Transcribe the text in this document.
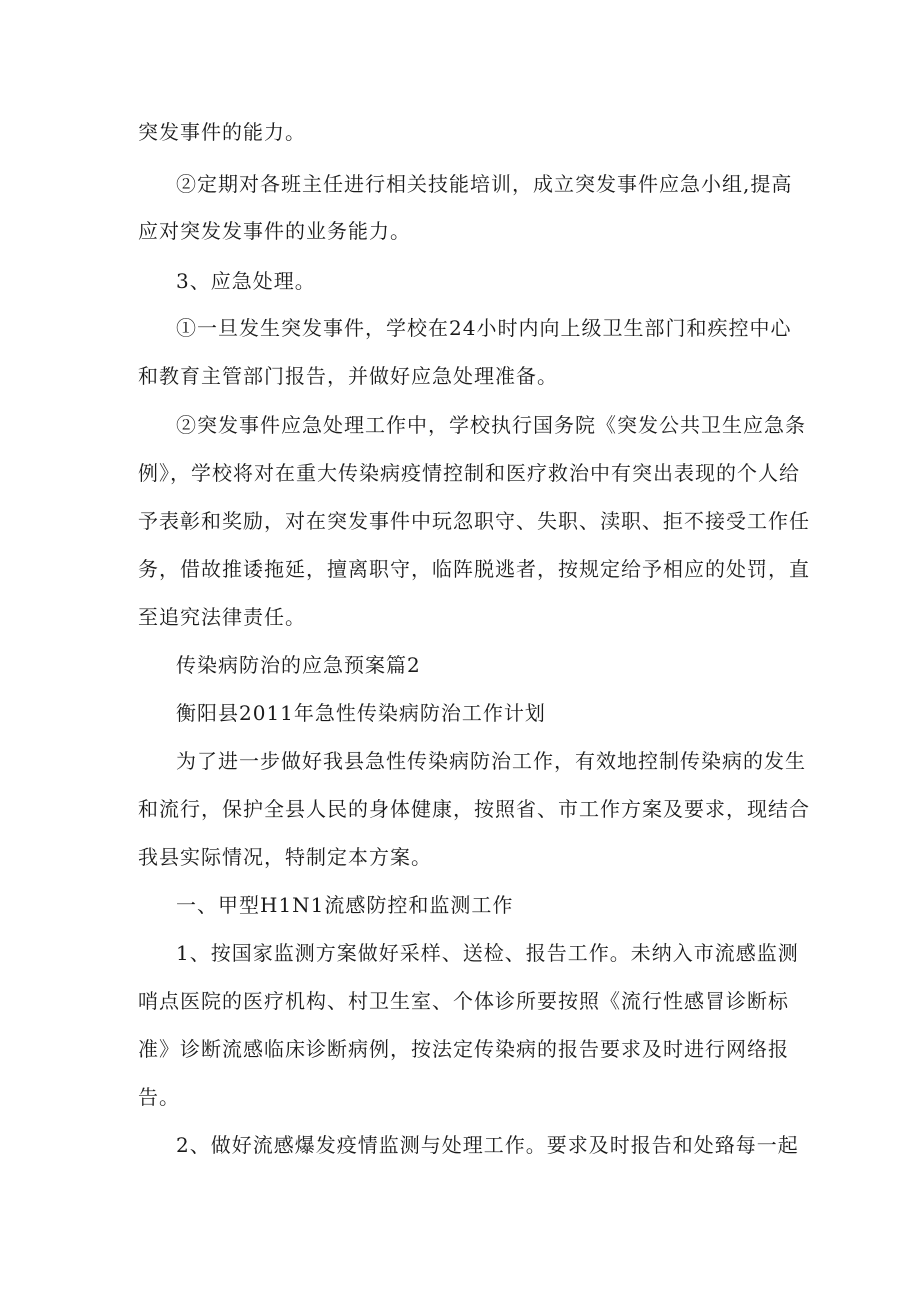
突发事件的能力。
②定期对各班主任进行相关技能培训，成立突发事件应急小组,提高
应对突发发事件的业务能力。
3、应急处理。
①一旦发生突发事件，学校在24小时内向上级卫生部门和疾控中心
和教育主管部门报告，并做好应急处理准备。
②突发事件应急处理工作中，学校执行国务院《突发公共卫生应急条
例》，学校将对在重大传染病疫情控制和医疗救治中有突出表现的个人给
予表彰和奖励，对在突发事件中玩忽职守、失职、渎职、拒不接受工作任
务，借故推诿拖延，擅离职守，临阵脱逃者，按规定给予相应的处罚，直
至追究法律责任。
传染病防治的应急预案篇2
衡阳县2011年急性传染病防治工作计划
为了进一步做好我县急性传染病防治工作，有效地控制传染病的发生
和流行，保护全县人民的身体健康，按照省、市工作方案及要求，现结合
我县实际情况，特制定本方案。
一、甲型H1N1流感防控和监测工作
1、按国家监测方案做好采样、送检、报告工作。未纳入市流感监测
哨点医院的医疗机构、村卫生室、个体诊所要按照《流行性感冒诊断标
准》诊断流感临床诊断病例，按法定传染病的报告要求及时进行网络报
告。
2、做好流感爆发疫情监测与处理工作。要求及时报告和处臵每一起
